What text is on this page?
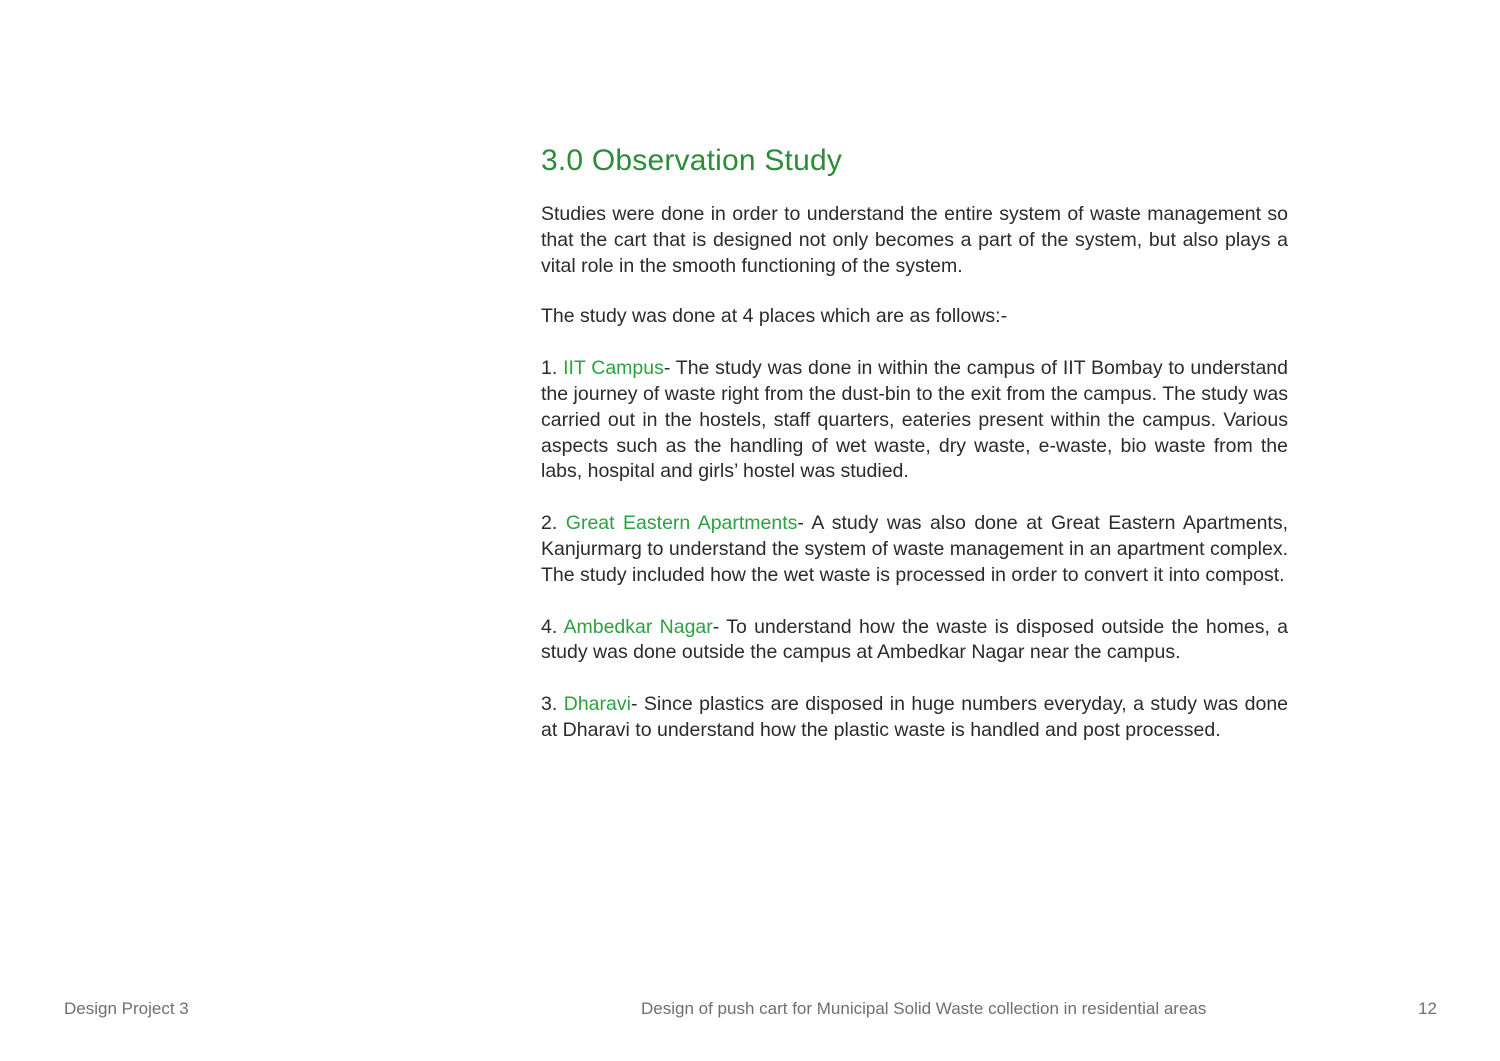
3.0 Observation Study

Studies were done in order to understand the entire system of waste management so that the cart that is designed not only becomes a part of the system, but also plays a vital role in the smooth functioning of the system.

The study was done at 4 places which are as follows:-

1. IIT Campus- The study was done in within the campus of IIT Bombay to understand the journey of waste right from the dust-bin to the exit from the campus. The study was carried out in the hostels, staff quarters, eateries present within the campus. Various aspects such as the handling of wet waste, dry waste, e-waste, bio waste from the labs, hospital and girls’ hostel was studied.

2. Great Eastern Apartments- A study was also done at Great Eastern Apartments, Kanjurmarg to understand the system of waste management in an apartment complex. The study included how the wet waste is processed in order to convert it into compost.

4. Ambedkar Nagar- To understand how the waste is disposed outside the homes, a study was done outside the campus at Ambedkar Nagar near the campus.

3. Dharavi- Since plastics are disposed in huge numbers everyday, a study was done at Dharavi to understand how the plastic waste is handled and post processed.

Design Project 3	Design of push cart for Municipal Solid Waste collection in residential areas	12
